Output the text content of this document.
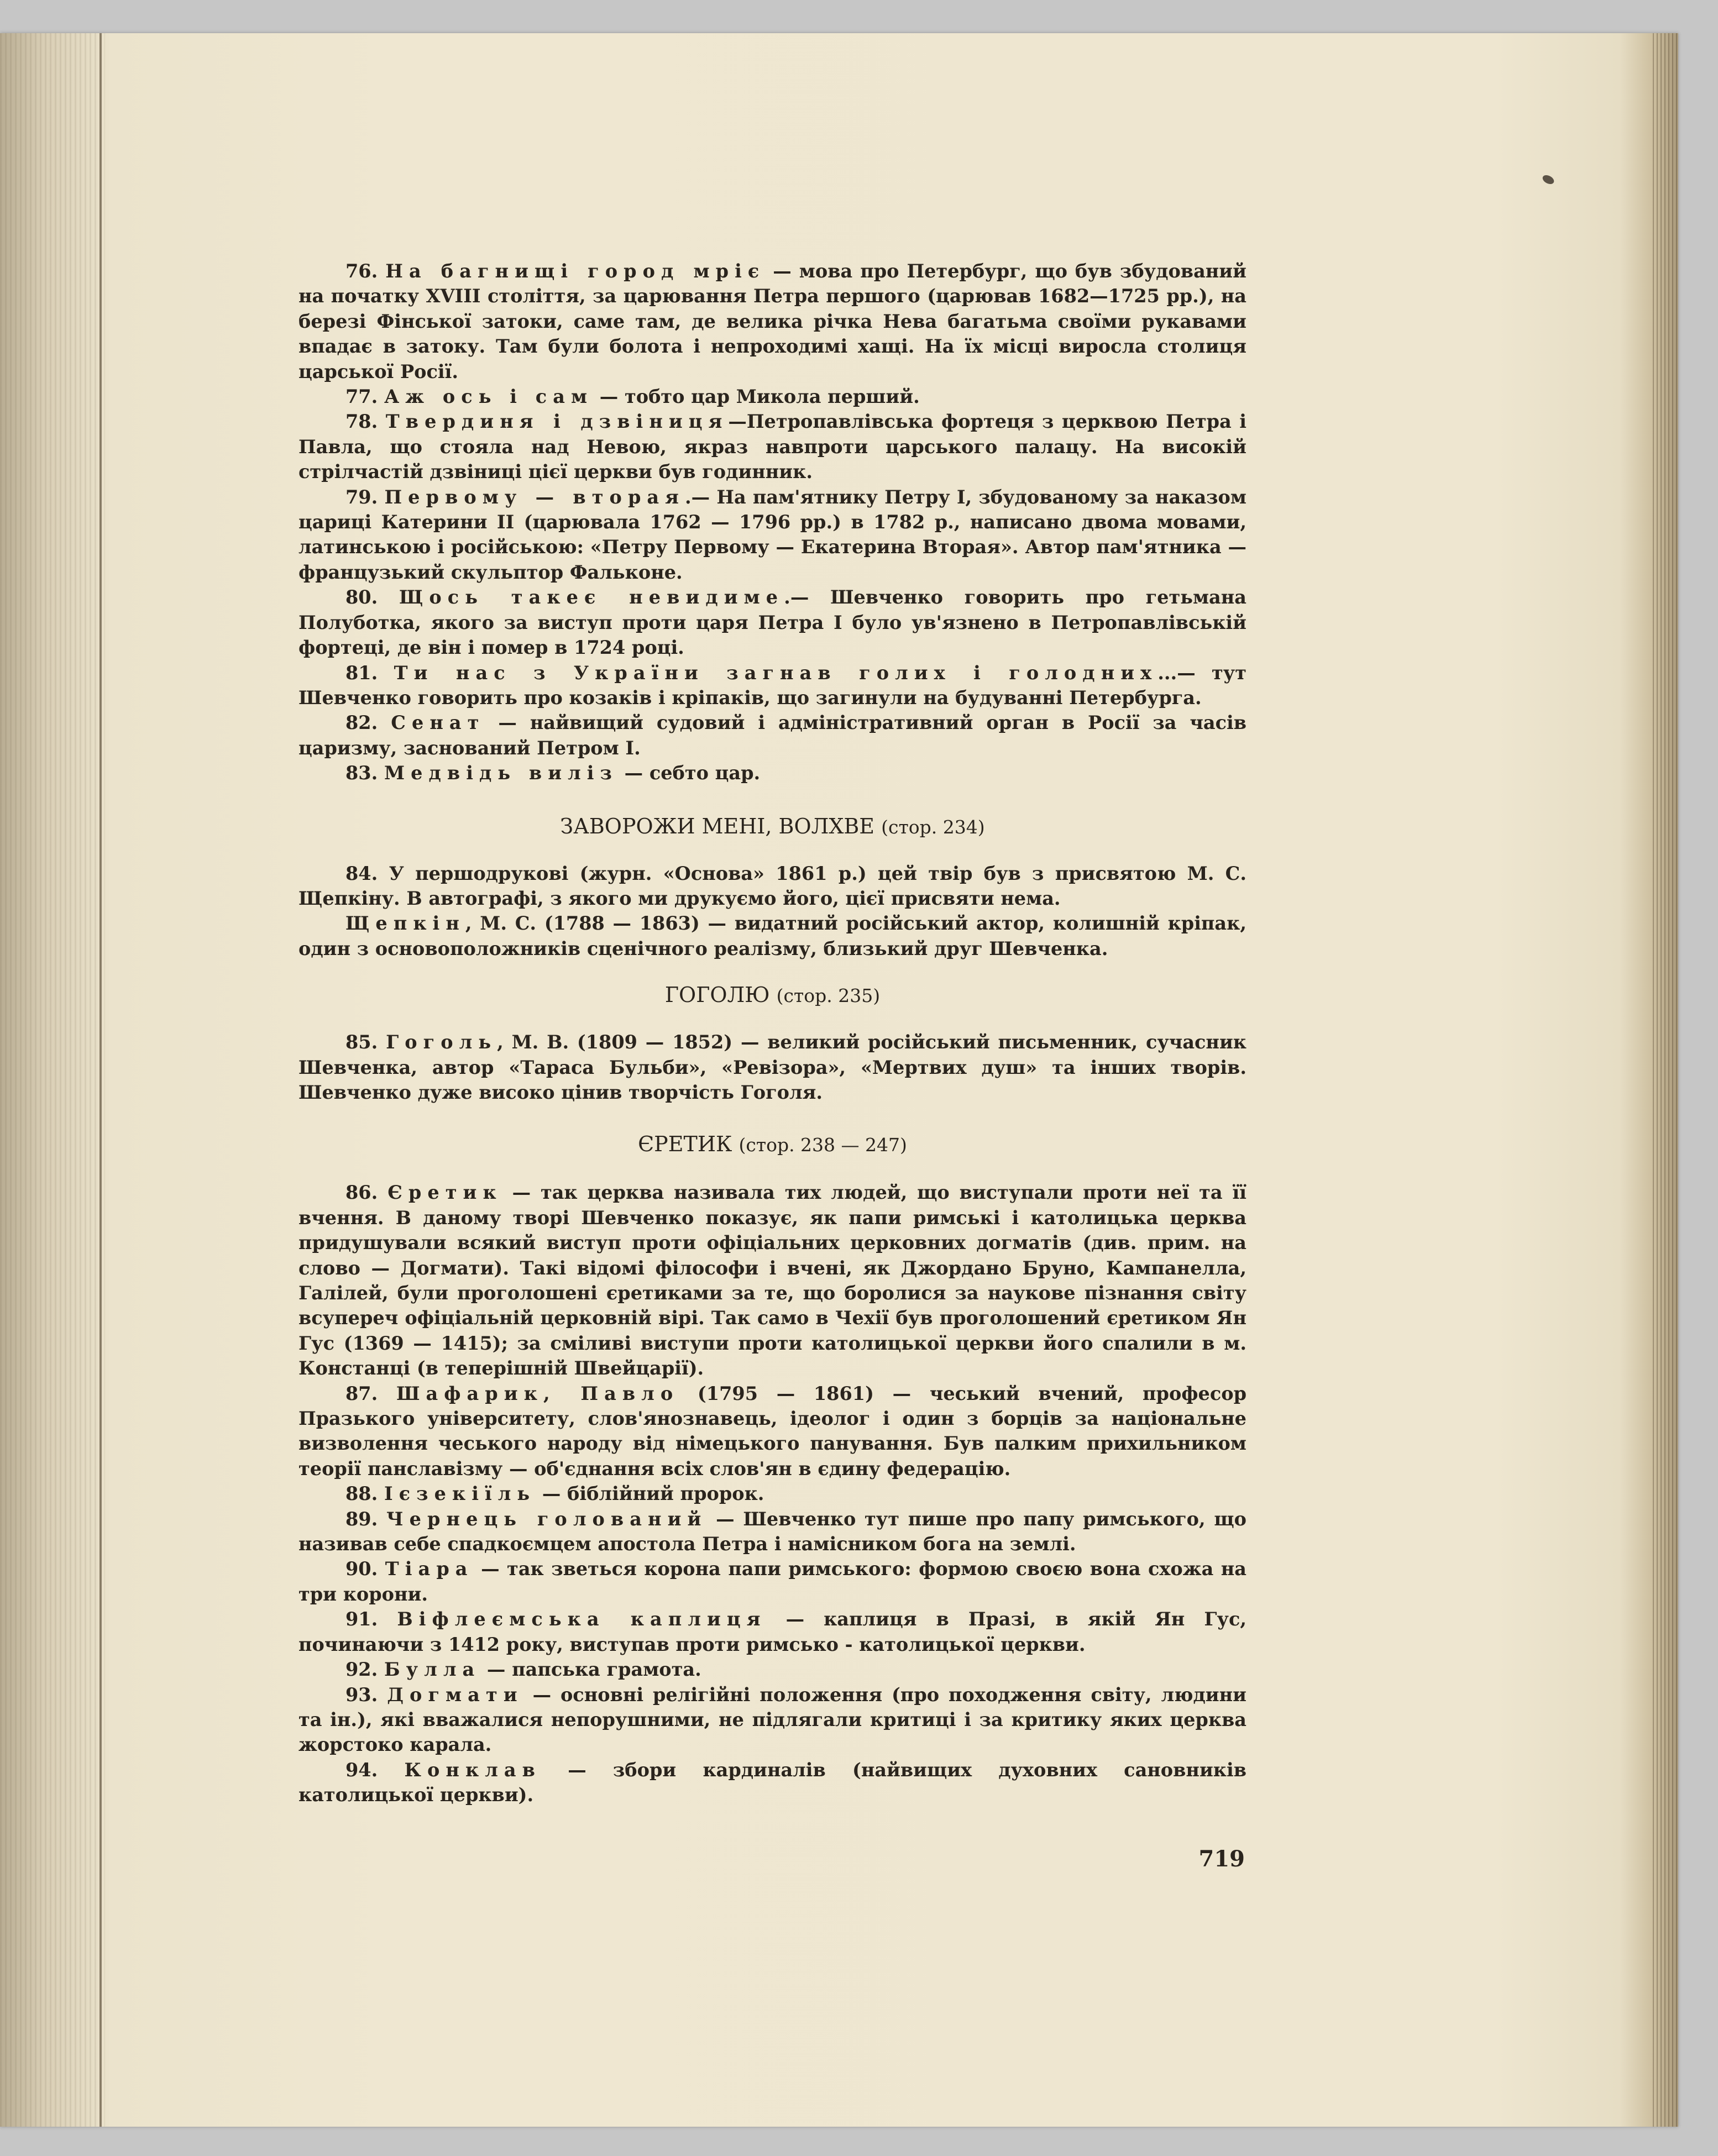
76. На багнищі город мріє — мова про Петербург, що був збудований на початку XVIII століття, за царювання Петра першого (царював 1682—1725 рр.), на березі Фінської затоки, саме там, де велика річка Нева багатьма своїми рукавами впадає в затоку. Там були болота і непроходимі хащі. На їх місці виросла столиця царської Росії.

77. Аж ось і сам — тобто цар Микола перший.

78. Твердиня і дзвіниця—Петропавлівська фортеця з церквою Петра і Павла, що стояла над Невою, якраз навпроти царського палацу. На високій стрілчастій дзвіниці цієї церкви був годинник.

79. Первому — вторая.— На пам'ятнику Петру І, збудованому за наказом цариці Катерини II (царювала 1762 — 1796 рр.) в 1782 р., написано двома мовами, латинською і російською: «Петру Первому — Екатерина Вторая». Автор пам'ятника — французький скульптор Фальконе.

80. Щось такеє невидиме.— Шевченко говорить про гетьмана Полуботка, якого за виступ проти царя Петра І було ув'язнено в Петропавлівській фортеці, де він і помер в 1724 році.

81. Ти нас з України загнав голих і голодних...— тут Шевченко говорить про козаків і кріпаків, що загинули на будуванні Петербурга.

82. Сенат — найвищий судовий і адміністративний орган в Росії за часів царизму, заснований Петром І.

83. Медвідь виліз — себто цар.

ЗАВОРОЖИ МЕНІ, ВОЛХВЕ (стор. 234)

84. У першодрукові (журн. «Основа» 1861 р.) цей твір був з присвятою М. С. Щепкіну. В автографі, з якого ми друкуємо його, цієї присвяти нема.

Щепкін, М. С. (1788 — 1863) — видатний російський актор, колишній кріпак, один з основоположників сценічного реалізму, близький друг Шевченка.

ГОГОЛЮ (стор. 235)

85. Гоголь, М. В. (1809 — 1852) — великий російський письменник, сучасник Шевченка, автор «Тараса Бульби», «Ревізора», «Мертвих душ» та інших творів. Шевченко дуже високо цінив творчість Гоголя.

ЄРЕТИК (стор. 238 — 247)

86. Єретик — так церква називала тих людей, що виступали проти неї та її вчення. В даному творі Шевченко показує, як папи римські і католицька церква придушували всякий виступ проти офіціальних церковних догматів (див. прим. на слово — Догмати). Такі відомі філософи і вчені, як Джордано Бруно, Кампанелла, Галілей, були проголошені єретиками за те, що боролися за наукове пізнання світу всупереч офіціальній церковній вірі. Так само в Чехії був проголошений єретиком Ян Гус (1369 — 1415); за сміливі виступи проти католицької церкви його спалили в м. Констанці (в теперішній Швейцарії).

87. Шафарик, Павло (1795 — 1861) — чеський вчений, професор Празького університету, слов'янознавець, ідеолог і один з борців за національне визволення чеського народу від німецького панування. Був палким прихильником теорії панславізму — об'єднання всіх слов'ян в єдину федерацію.

88. Ієзекіїль — біблійний пророк.

89. Чернець голований — Шевченко тут пише про папу римського, що називав себе спадкоємцем апостола Петра і намісником бога на землі.

90. Тіара — так зветься корона папи римського: формою своєю вона схожа на три корони.

91. Віфлеємська каплиця — каплиця в Празі, в якій Ян Гус, починаючи з 1412 року, виступав проти римсько - католицької церкви.

92. Булла — папська грамота.

93. Догмати — основні релігійні положення (про походження світу, людини та ін.), які вважалися непорушними, не підлягали критиці і за критику яких церква жорстоко карала.

94. Конклав — збори кардиналів (найвищих духовних сановників католицької церкви).

719
